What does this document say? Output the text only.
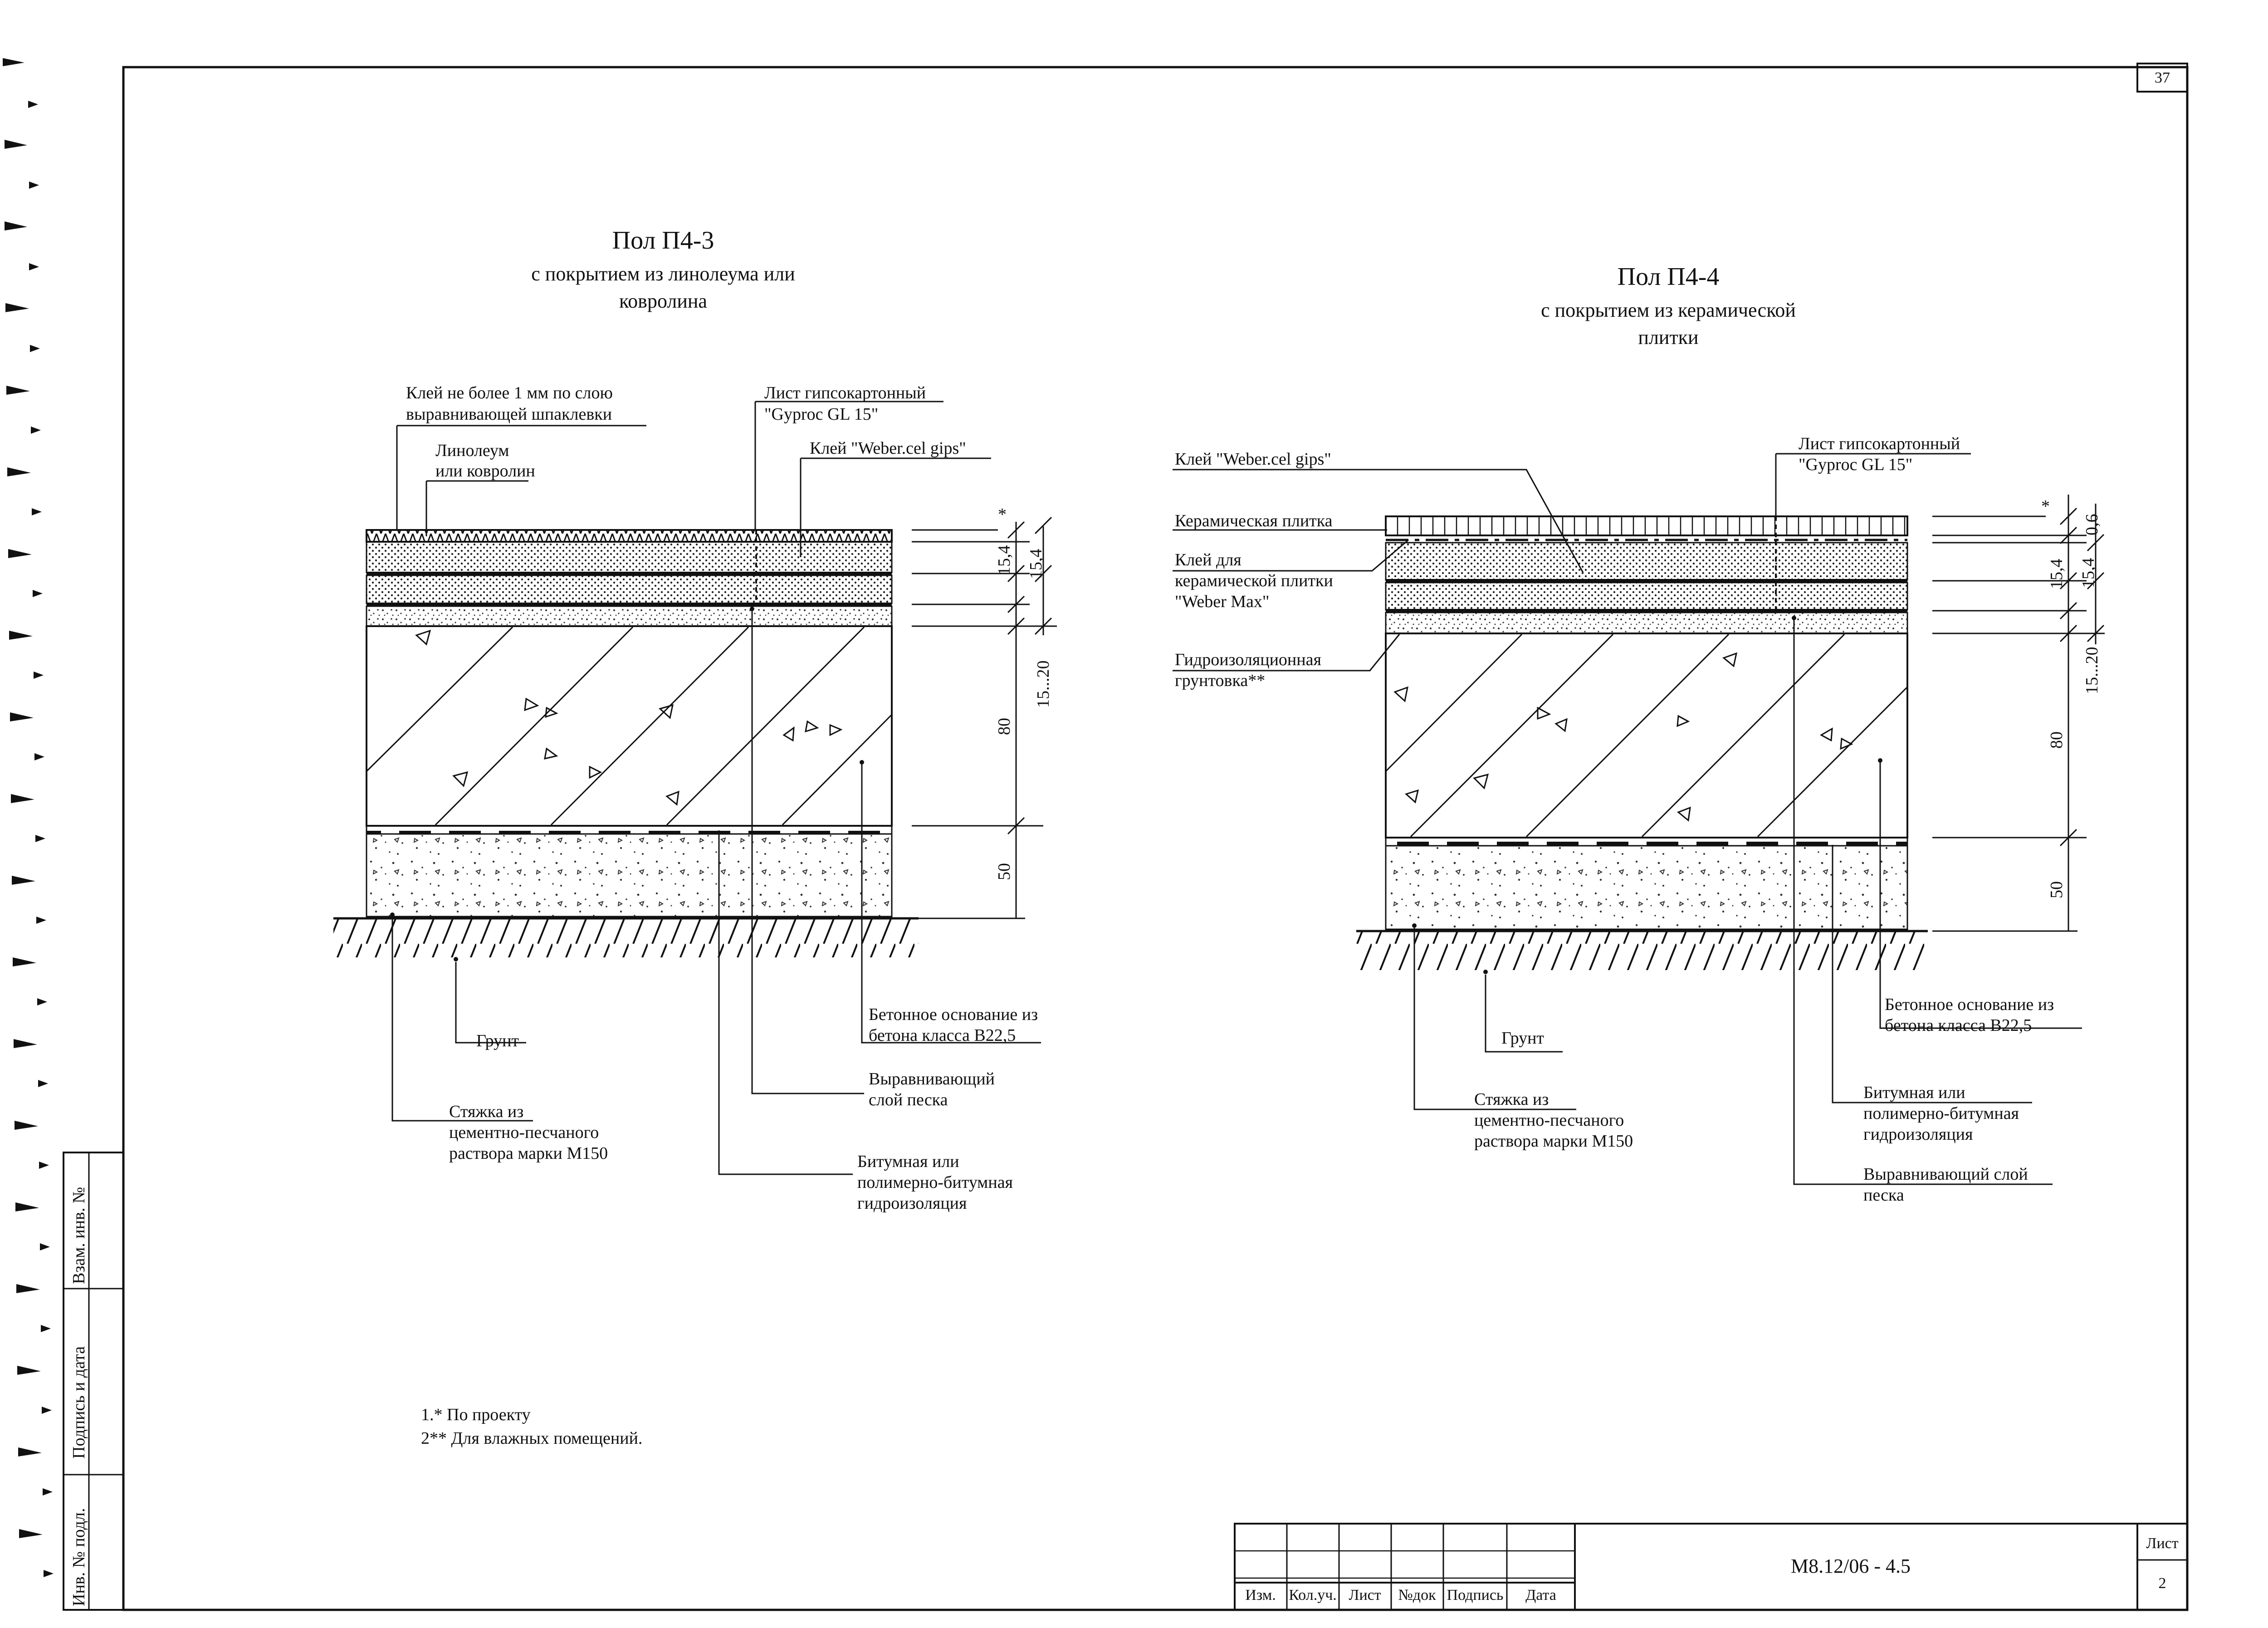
37
Взам. инв. №
Подпись и дата
Инв. № подл.	Изм. Кол.уч. Лист №док Подпись Дата
М8.12/06 - 4.5
Лист
2
1.* По проекту
2** Для влажных помещений.
Пол П4-3
с покрытием из линолеума или
ковролина
*
15,4 15,4
15...20
80
50
Клей не более 1 мм по слою
выравнивающей шпаклевки
Линолеум
или ковролин
Лист гипсокартонный
"Gyproc GL 15"
Клей "Weber.cel gips"
Грунт
Стяжка из
цементно-песчаного
раствора марки М150
Бетонное основание из
бетона класса В22,5
Выравнивающий
слой песка
Битумная или
полимерно-битумная
гидроизоляция
Пол П4-4
с покрытием из керамической
плитки
*
0,6
15,4 15,4
15...20
80
50
Клей "Weber.cel gips"
Керамическая плитка
Клей для
керамической плитки
"Weber Max"
Гидроизоляционная
грунтовка**
Лист гипсокартонный
"Gyproc GL 15"
Грунт
Стяжка из
цементно-песчаного
раствора марки М150
Бетонное основание из
бетона класса В22,5
Битумная или
полимерно-битумная
гидроизоляция
Выравнивающий слой
песка
